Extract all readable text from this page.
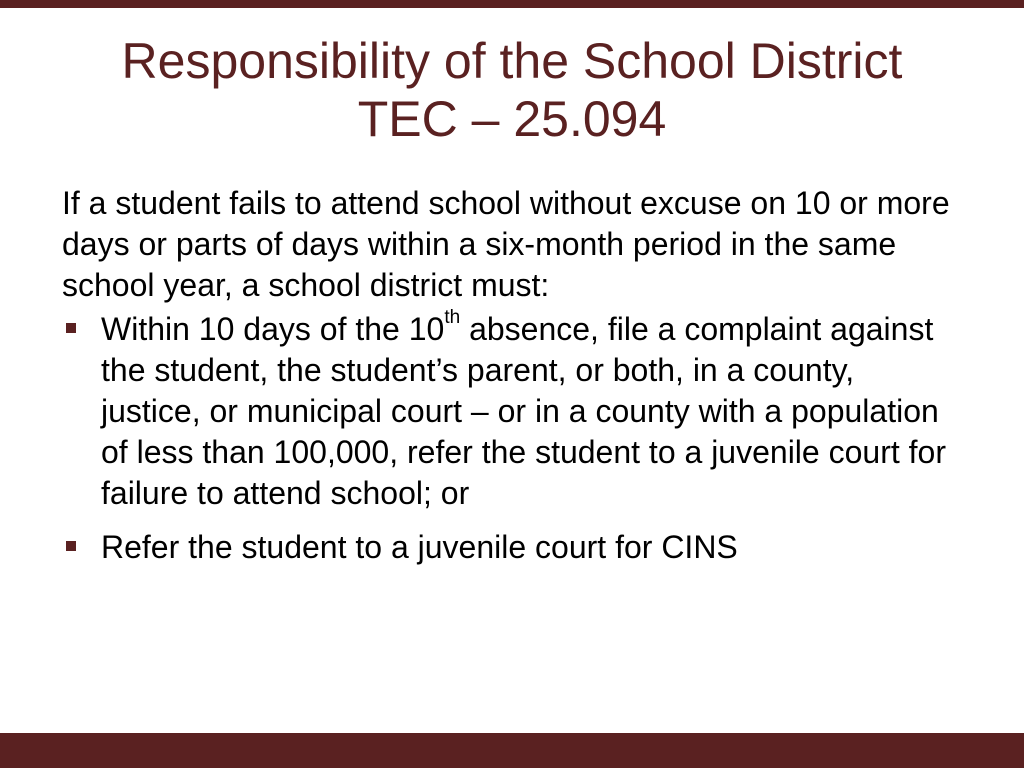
Responsibility of the School District
TEC – 25.094

If a student fails to attend school without excuse on 10 or more days or parts of days within a six-month period in the same school year, a school district must:

Within 10 days of the 10th absence, file a complaint against the student, the student’s parent, or both, in a county, justice, or municipal court – or in a county with a population of less than 100,000, refer the student to a juvenile court for failure to attend school; or
Refer the student to a juvenile court for CINS
